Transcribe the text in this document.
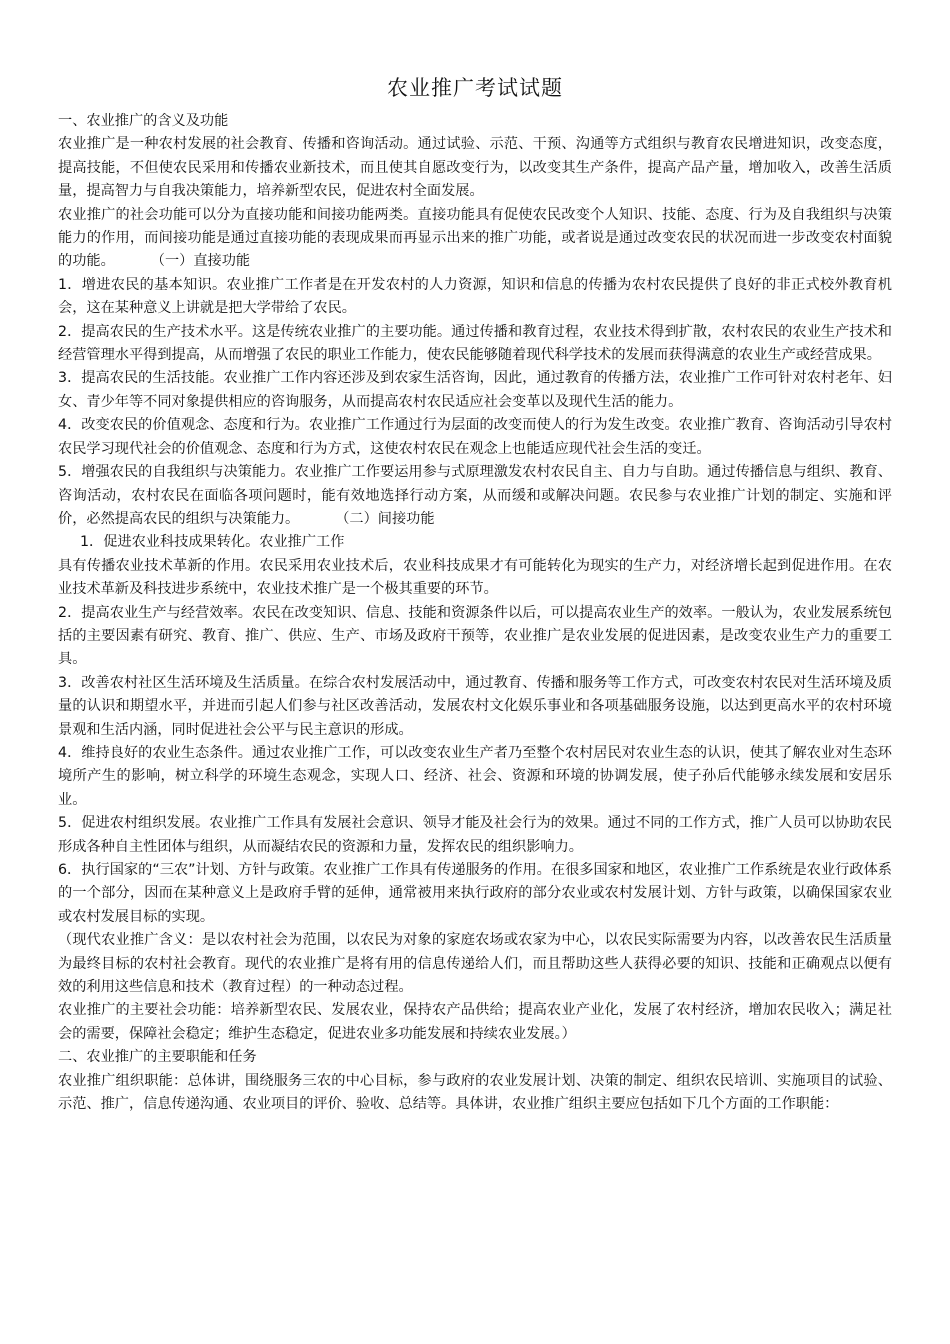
农业推广考试试题

一、农业推广的含义及功能

农业推广是一种农村发展的社会教育、传播和咨询活动。通过试验、示范、干预、沟通等方式组织与教育农民增进知识，改变态度，提高技能，不但使农民采用和传播农业新技术，而且使其自愿改变行为，以改变其生产条件，提高产品产量，增加收入，改善生活质量，提高智力与自我决策能力，培养新型农民，促进农村全面发展。

农业推广的社会功能可以分为直接功能和间接功能两类。直接功能具有促使农民改变个人知识、技能、态度、行为及自我组织与决策能力的作用，而间接功能是通过直接功能的表现成果而再显示出来的推广功能，或者说是通过改变农民的状况而进一步改变农村面貌的功能。	（一）直接功能

1．增进农民的基本知识。农业推广工作者是在开发农村的人力资源，知识和信息的传播为农村农民提供了良好的非正式校外教育机会，这在某种意义上讲就是把大学带给了农民。

2．提高农民的生产技术水平。这是传统农业推广的主要功能。通过传播和教育过程，农业技术得到扩散，农村农民的农业生产技术和经营管理水平得到提高，从而增强了农民的职业工作能力，使农民能够随着现代科学技术的发展而获得满意的农业生产或经营成果。

3．提高农民的生活技能。农业推广工作内容还涉及到农家生活咨询，因此，通过教育的传播方法，农业推广工作可针对农村老年、妇女、青少年等不同对象提供相应的咨询服务，从而提高农村农民适应社会变革以及现代生活的能力。

4．改变农民的价值观念、态度和行为。农业推广工作通过行为层面的改变而使人的行为发生改变。农业推广教育、咨询活动引导农村农民学习现代社会的价值观念、态度和行为方式，这使农村农民在观念上也能适应现代社会生活的变迁。

5．增强农民的自我组织与决策能力。农业推广工作要运用参与式原理激发农村农民自主、自力与自助。通过传播信息与组织、教育、咨询活动，农村农民在面临各项问题时，能有效地选择行动方案，从而缓和或解决问题。农民参与农业推广计划的制定、实施和评价，必然提高农民的组织与决策能力。	（二）间接功能

1．促进农业科技成果转化。农业推广工作

具有传播农业技术革新的作用。农民采用农业技术后，农业科技成果才有可能转化为现实的生产力，对经济增长起到促进作用。在农业技术革新及科技进步系统中，农业技术推广是一个极其重要的环节。

2．提高农业生产与经营效率。农民在改变知识、信息、技能和资源条件以后，可以提高农业生产的效率。一般认为，农业发展系统包括的主要因素有研究、教育、推广、供应、生产、市场及政府干预等，农业推广是农业发展的促进因素，是改变农业生产力的重要工具。

3．改善农村社区生活环境及生活质量。在综合农村发展活动中，通过教育、传播和服务等工作方式，可改变农村农民对生活环境及质量的认识和期望水平，并进而引起人们参与社区改善活动，发展农村文化娱乐事业和各项基础服务设施，以达到更高水平的农村环境景观和生活内涵，同时促进社会公平与民主意识的形成。

4．维持良好的农业生态条件。通过农业推广工作，可以改变农业生产者乃至整个农村居民对农业生态的认识，使其了解农业对生态环境所产生的影响，树立科学的环境生态观念，实现人口、经济、社会、资源和环境的协调发展，使子孙后代能够永续发展和安居乐业。

5．促进农村组织发展。农业推广工作具有发展社会意识、领导才能及社会行为的效果。通过不同的工作方式，推广人员可以协助农民形成各种自主性团体与组织，从而凝结农民的资源和力量，发挥农民的组织影响力。

6．执行国家的“三农”计划、方针与政策。农业推广工作具有传递服务的作用。在很多国家和地区，农业推广工作系统是农业行政体系的一个部分，因而在某种意义上是政府手臂的延伸，通常被用来执行政府的部分农业或农村发展计划、方针与政策，以确保国家农业或农村发展目标的实现。

（现代农业推广含义：是以农村社会为范围，以农民为对象的家庭农场或农家为中心，以农民实际需要为内容，以改善农民生活质量为最终目标的农村社会教育。现代的农业推广是将有用的信息传递给人们，而且帮助这些人获得必要的知识、技能和正确观点以便有效的利用这些信息和技术（教育过程）的一种动态过程。

农业推广的主要社会功能：培养新型农民、发展农业，保持农产品供给；提高农业产业化，发展了农村经济，增加农民收入；满足社会的需要，保障社会稳定；维护生态稳定，促进农业多功能发展和持续农业发展。）

二、农业推广的主要职能和任务

农业推广组织职能：总体讲，围绕服务三农的中心目标，参与政府的农业发展计划、决策的制定、组织农民培训、实施项目的试验、示范、推广，信息传递沟通、农业项目的评价、验收、总结等。具体讲，农业推广组织主要应包括如下几个方面的工作职能：
